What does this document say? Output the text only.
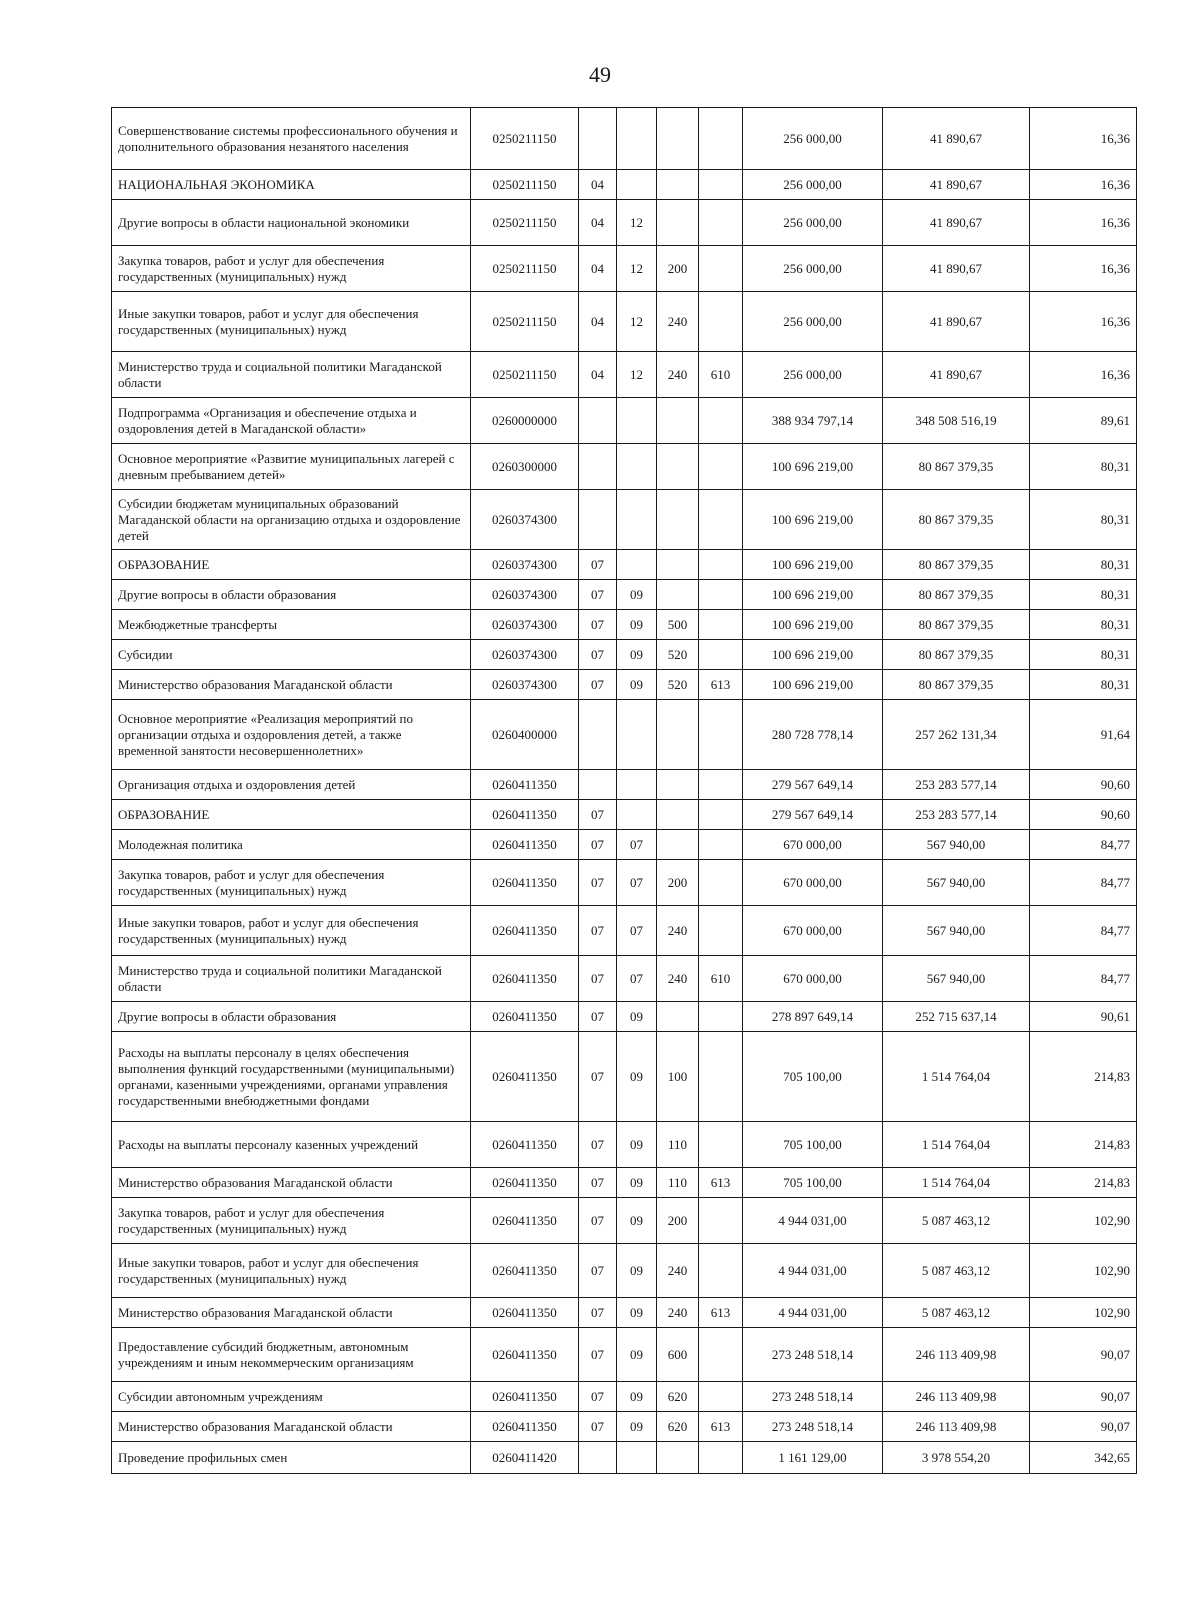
49
Совершенствование системы профессионального обучения и дополнительного образования незанятого населения	0250211150					256 000,00	41 890,67	16,36
НАЦИОНАЛЬНАЯ ЭКОНОМИКА	0250211150	04				256 000,00	41 890,67	16,36
Другие вопросы в области национальной экономики	0250211150	04	12			256 000,00	41 890,67	16,36
Закупка товаров, работ и услуг для обеспечения государственных (муниципальных) нужд	0250211150	04	12	200		256 000,00	41 890,67	16,36
Иные закупки товаров, работ и услуг для обеспечения государственных (муниципальных) нужд	0250211150	04	12	240		256 000,00	41 890,67	16,36
Министерство труда и социальной политики Магаданской области	0250211150	04	12	240	610	256 000,00	41 890,67	16,36
Подпрограмма «Организация и обеспечение отдыха и оздоровления детей в Магаданской области»	0260000000					388 934 797,14	348 508 516,19	89,61
Основное мероприятие «Развитие муниципальных лагерей с дневным пребыванием детей»	0260300000					100 696 219,00	80 867 379,35	80,31
Субсидии бюджетам муниципальных образований Магаданской области на организацию отдыха и оздоровление детей	0260374300					100 696 219,00	80 867 379,35	80,31
ОБРАЗОВАНИЕ	0260374300	07				100 696 219,00	80 867 379,35	80,31
Другие вопросы в области образования	0260374300	07	09			100 696 219,00	80 867 379,35	80,31
Межбюджетные трансферты	0260374300	07	09	500		100 696 219,00	80 867 379,35	80,31
Субсидии	0260374300	07	09	520		100 696 219,00	80 867 379,35	80,31
Министерство образования Магаданской области	0260374300	07	09	520	613	100 696 219,00	80 867 379,35	80,31
Основное мероприятие «Реализация мероприятий по организации отдыха и оздоровления детей, а также временной занятости несовершеннолетних»	0260400000					280 728 778,14	257 262 131,34	91,64
Организация отдыха и оздоровления детей	0260411350					279 567 649,14	253 283 577,14	90,60
ОБРАЗОВАНИЕ	0260411350	07				279 567 649,14	253 283 577,14	90,60
Молодежная политика	0260411350	07	07			670 000,00	567 940,00	84,77
Закупка товаров, работ и услуг для обеспечения государственных (муниципальных) нужд	0260411350	07	07	200		670 000,00	567 940,00	84,77
Иные закупки товаров, работ и услуг для обеспечения государственных (муниципальных) нужд	0260411350	07	07	240		670 000,00	567 940,00	84,77
Министерство труда и социальной политики Магаданской области	0260411350	07	07	240	610	670 000,00	567 940,00	84,77
Другие вопросы в области образования	0260411350	07	09			278 897 649,14	252 715 637,14	90,61
Расходы на выплаты персоналу в целях обеспечения выполнения функций государственными (муниципальными) органами, казенными учреждениями, органами управления государственными внебюджетными фондами	0260411350	07	09	100		705 100,00	1 514 764,04	214,83
Расходы на выплаты персоналу казенных учреждений	0260411350	07	09	110		705 100,00	1 514 764,04	214,83
Министерство образования Магаданской области	0260411350	07	09	110	613	705 100,00	1 514 764,04	214,83
Закупка товаров, работ и услуг для обеспечения государственных (муниципальных) нужд	0260411350	07	09	200		4 944 031,00	5 087 463,12	102,90
Иные закупки товаров, работ и услуг для обеспечения государственных (муниципальных) нужд	0260411350	07	09	240		4 944 031,00	5 087 463,12	102,90
Министерство образования Магаданской области	0260411350	07	09	240	613	4 944 031,00	5 087 463,12	102,90
Предоставление субсидий бюджетным, автономным учреждениям и иным некоммерческим организациям	0260411350	07	09	600		273 248 518,14	246 113 409,98	90,07
Субсидии автономным учреждениям	0260411350	07	09	620		273 248 518,14	246 113 409,98	90,07
Министерство образования Магаданской области	0260411350	07	09	620	613	273 248 518,14	246 113 409,98	90,07
Проведение профильных смен	0260411420					1 161 129,00	3 978 554,20	342,65
